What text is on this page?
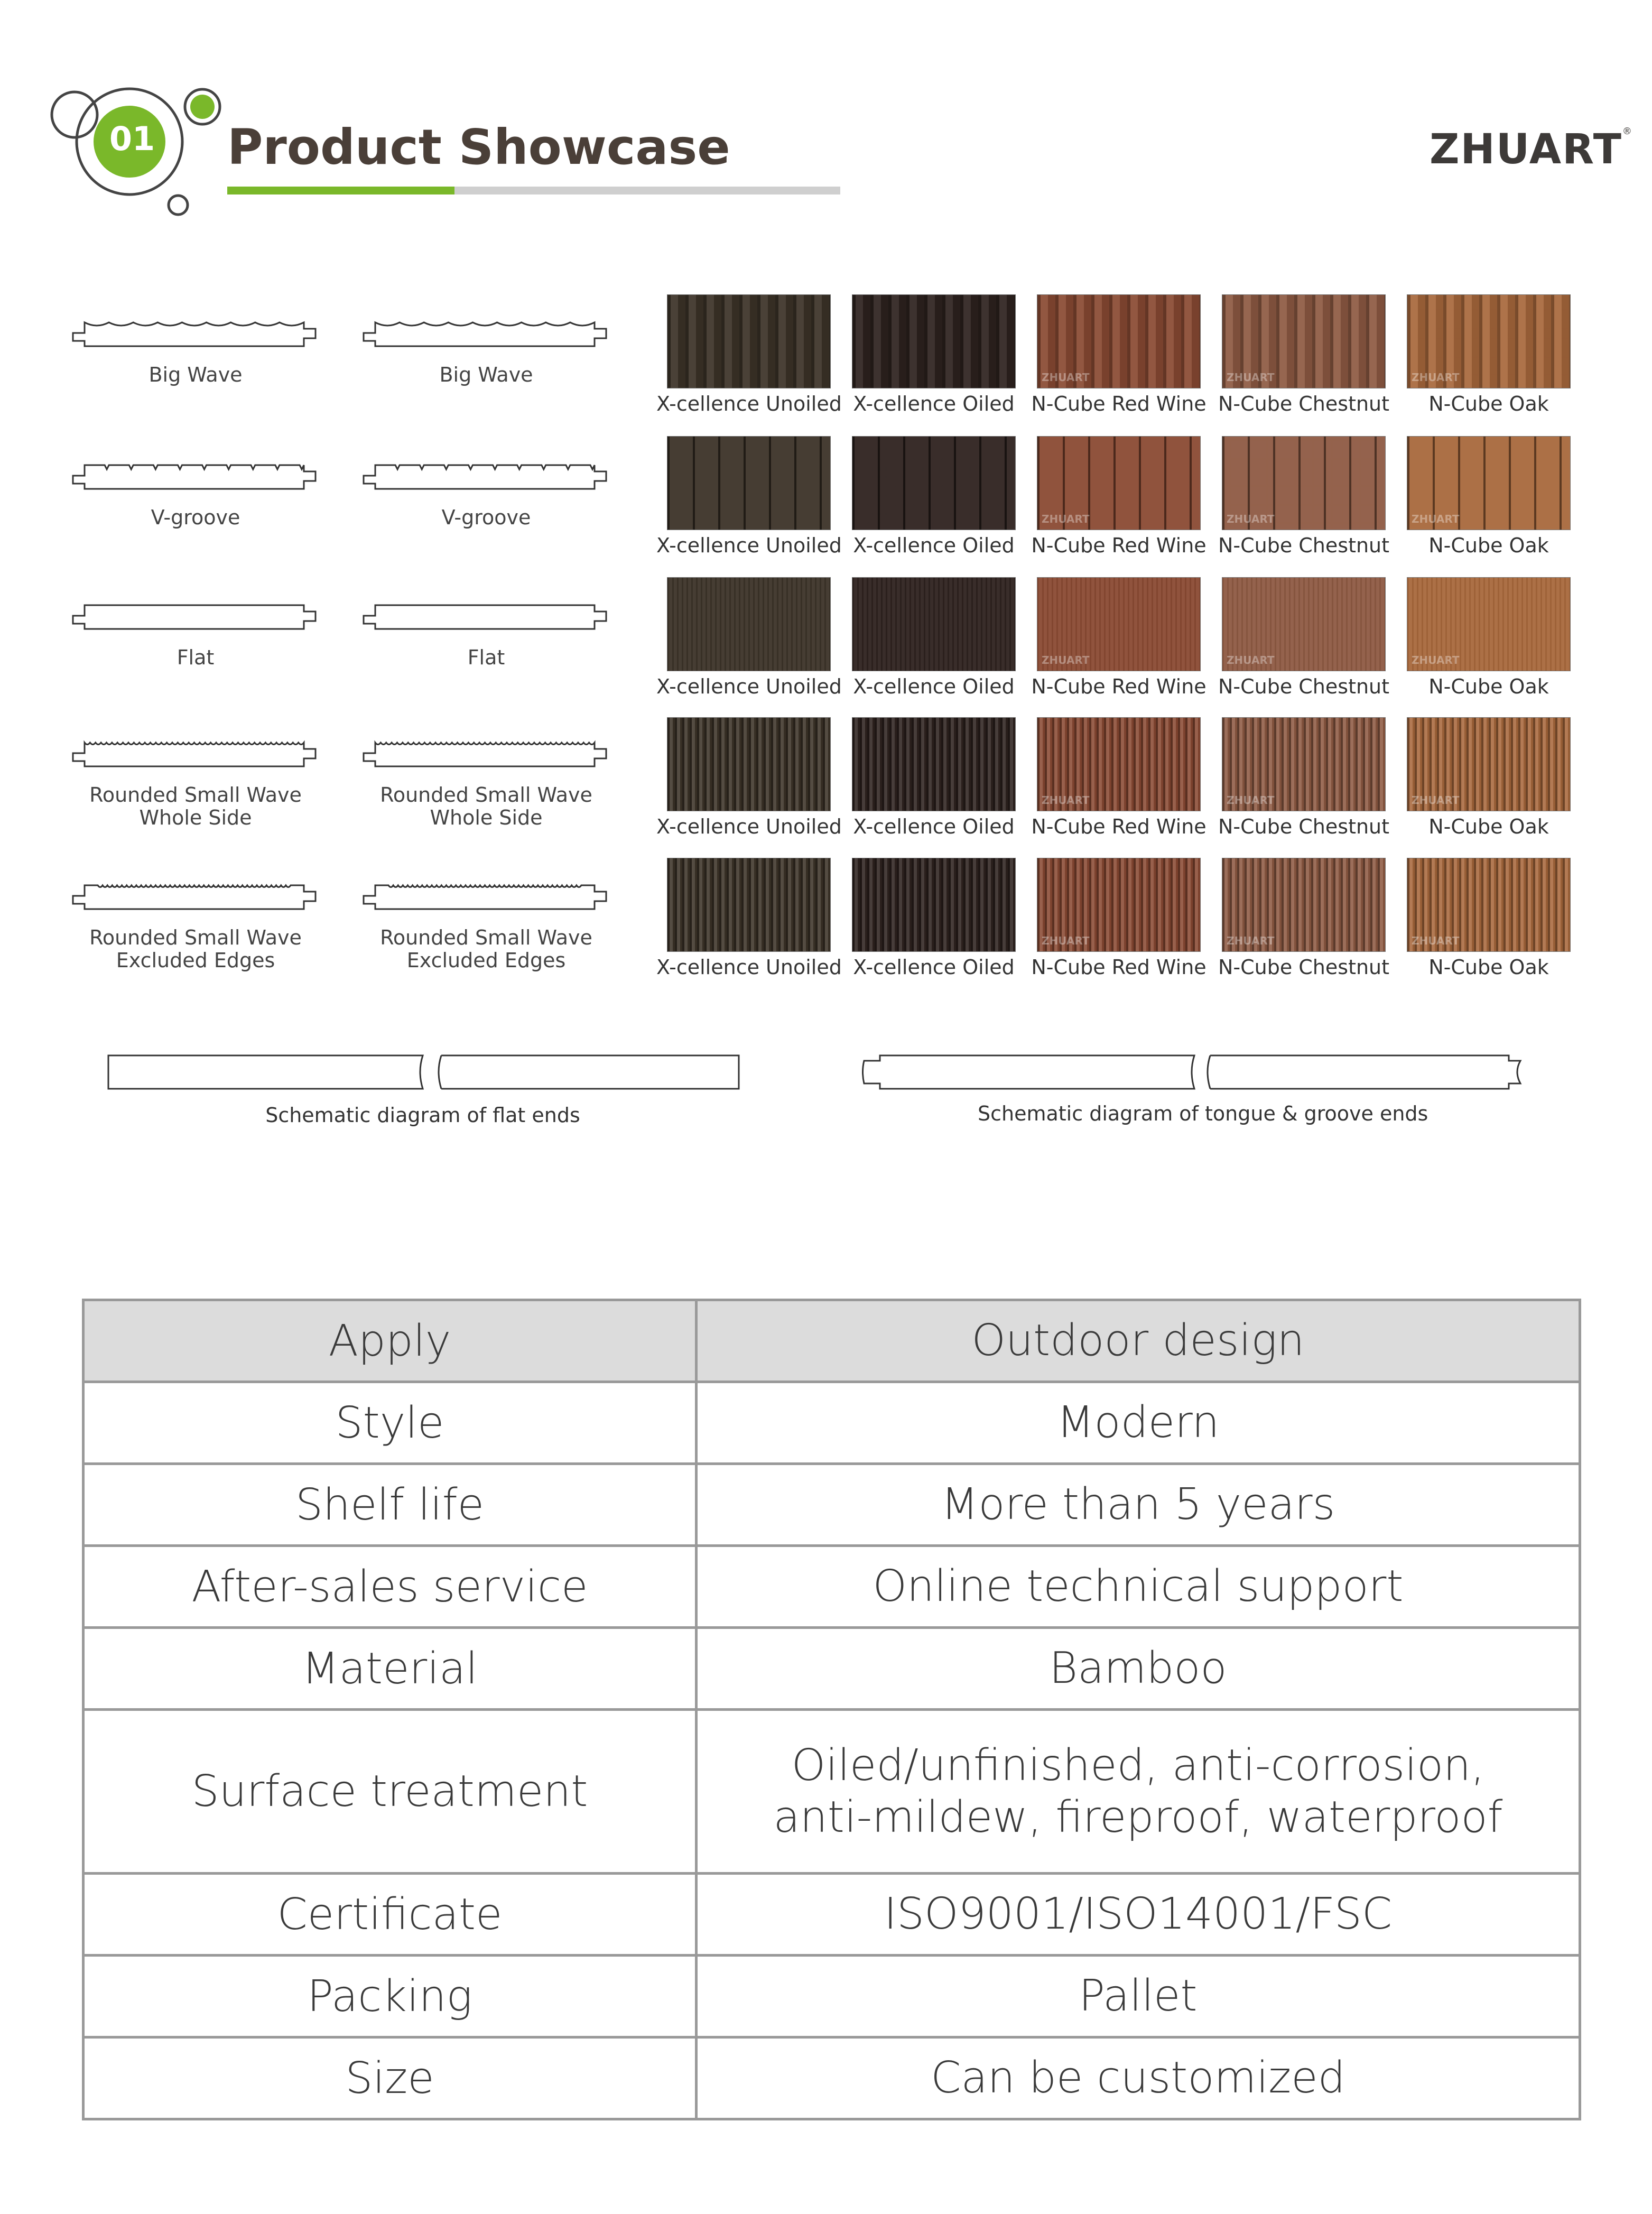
01 Product Showcase	ZHUART®
Big Wave	Big Wave
V-groove	V-groove
Flat	Flat
Rounded Small Wave
Whole Side
Rounded Small Wave
Whole Side
Rounded Small Wave
Excluded Edges
Rounded Small Wave
Excluded Edges
X-cellence Unoiled X-cellence Oiled
ZHUART
N-Cube Red Wine
ZHUART
N-Cube Chestnut
ZHUART
N-Cube Oak
X-cellence Unoiled X-cellence Oiled
ZHUART
N-Cube Red Wine
ZHUART
N-Cube Chestnut
ZHUART
N-Cube Oak
X-cellence Unoiled X-cellence Oiled
ZHUART
N-Cube Red Wine
ZHUART
N-Cube Chestnut
ZHUART
N-Cube Oak
X-cellence Unoiled X-cellence Oiled
ZHUART
N-Cube Red Wine
ZHUART
N-Cube Chestnut
ZHUART
N-Cube Oak
X-cellence Unoiled X-cellence Oiled
ZHUART
N-Cube Red Wine
ZHUART
N-Cube Chestnut
ZHUART
N-Cube Oak
Schematic diagram of flat ends	Schematic diagram of tongue & groove ends
Apply	Outdoor design
Style	Modern
Shelf life	More than 5 years
After-sales service	Online technical support
Material	Bamboo
Surface treatment	Oiled/unfinished, anti-corrosion,
anti-mildew, fireproof, waterproof
Certificate	ISO9001/ISO14001/FSC
Packing	Pallet
Size	Can be customized
